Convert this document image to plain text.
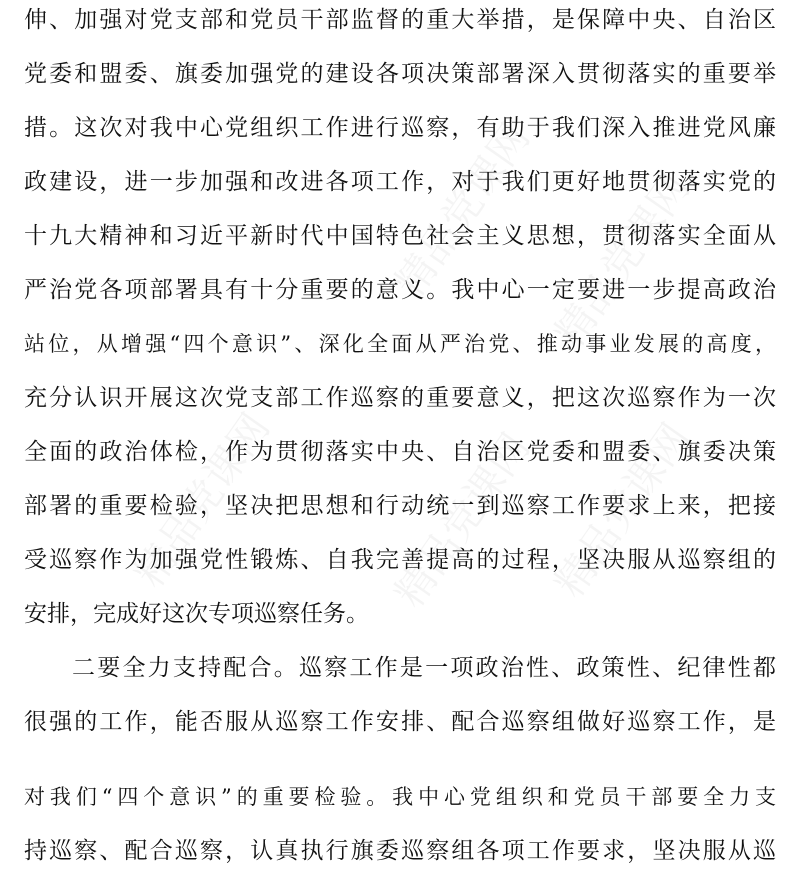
精品党课网 精品党课网
精品党课网
精品党课网	精品党课网
伸、加强对党支部和党员干部监督的重大举措，是保障中央、自治区
党委和盟委、旗委加强党的建设各项决策部署深入贯彻落实的重要举
措。这次对我中心党组织工作进行巡察，有助于我们深入推进党风廉
政建设，进一步加强和改进各项工作，对于我们更好地贯彻落实党的
十九大精神和习近平新时代中国特色社会主义思想，贯彻落实全面从
严治党各项部署具有十分重要的意义。我中心一定要进一步提高政治
站位，从增强“四个意识”、深化全面从严治党、推动事业发展的高度，
充分认识开展这次党支部工作巡察的重要意义，把这次巡察作为一次
全面的政治体检，作为贯彻落实中央、自治区党委和盟委、旗委决策
部署的重要检验，坚决把思想和行动统一到巡察工作要求上来，把接
受巡察作为加强党性锻炼、自我完善提高的过程，坚决服从巡察组的
安排，完成好这次专项巡察任务。
二要全力支持配合。巡察工作是一项政治性、政策性、纪律性都
很强的工作，能否服从巡察工作安排、配合巡察组做好巡察工作，是
对我们“四个意识”的重要检验。我中心党组织和党员干部要全力支
持巡察、配合巡察，认真执行旗委巡察组各项工作要求，坚决服从巡
